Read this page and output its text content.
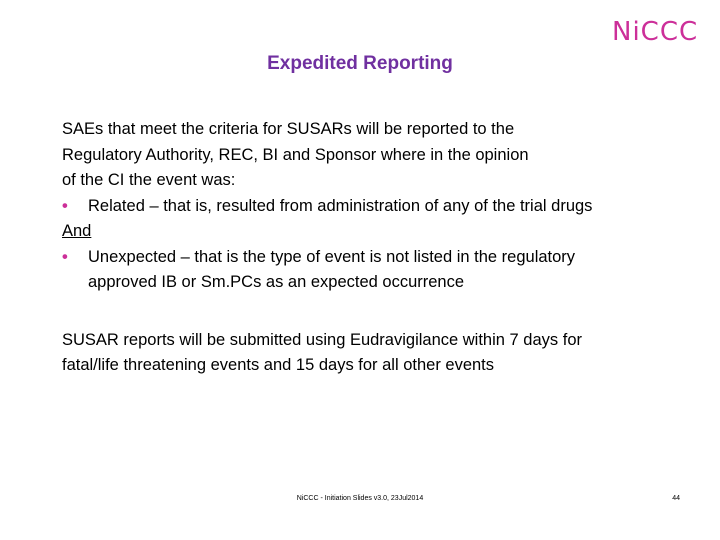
NiCCC
Expedited Reporting
SAEs that meet the criteria for SUSARs will be reported to the
Regulatory Authority, REC, BI and Sponsor where in the opinion
of the CI the event was:
• Related – that is, resulted from administration of any of the trial drugs
And
• Unexpected – that is the type of event is not listed in the regulatory
approved IB or Sm.PCs as an expected occurrence
SUSAR reports will be submitted using Eudravigilance within 7 days for
fatal/life threatening events and 15 days for all other events
NiCCC - Initiation Slides v3.0, 23Jul2014	44
